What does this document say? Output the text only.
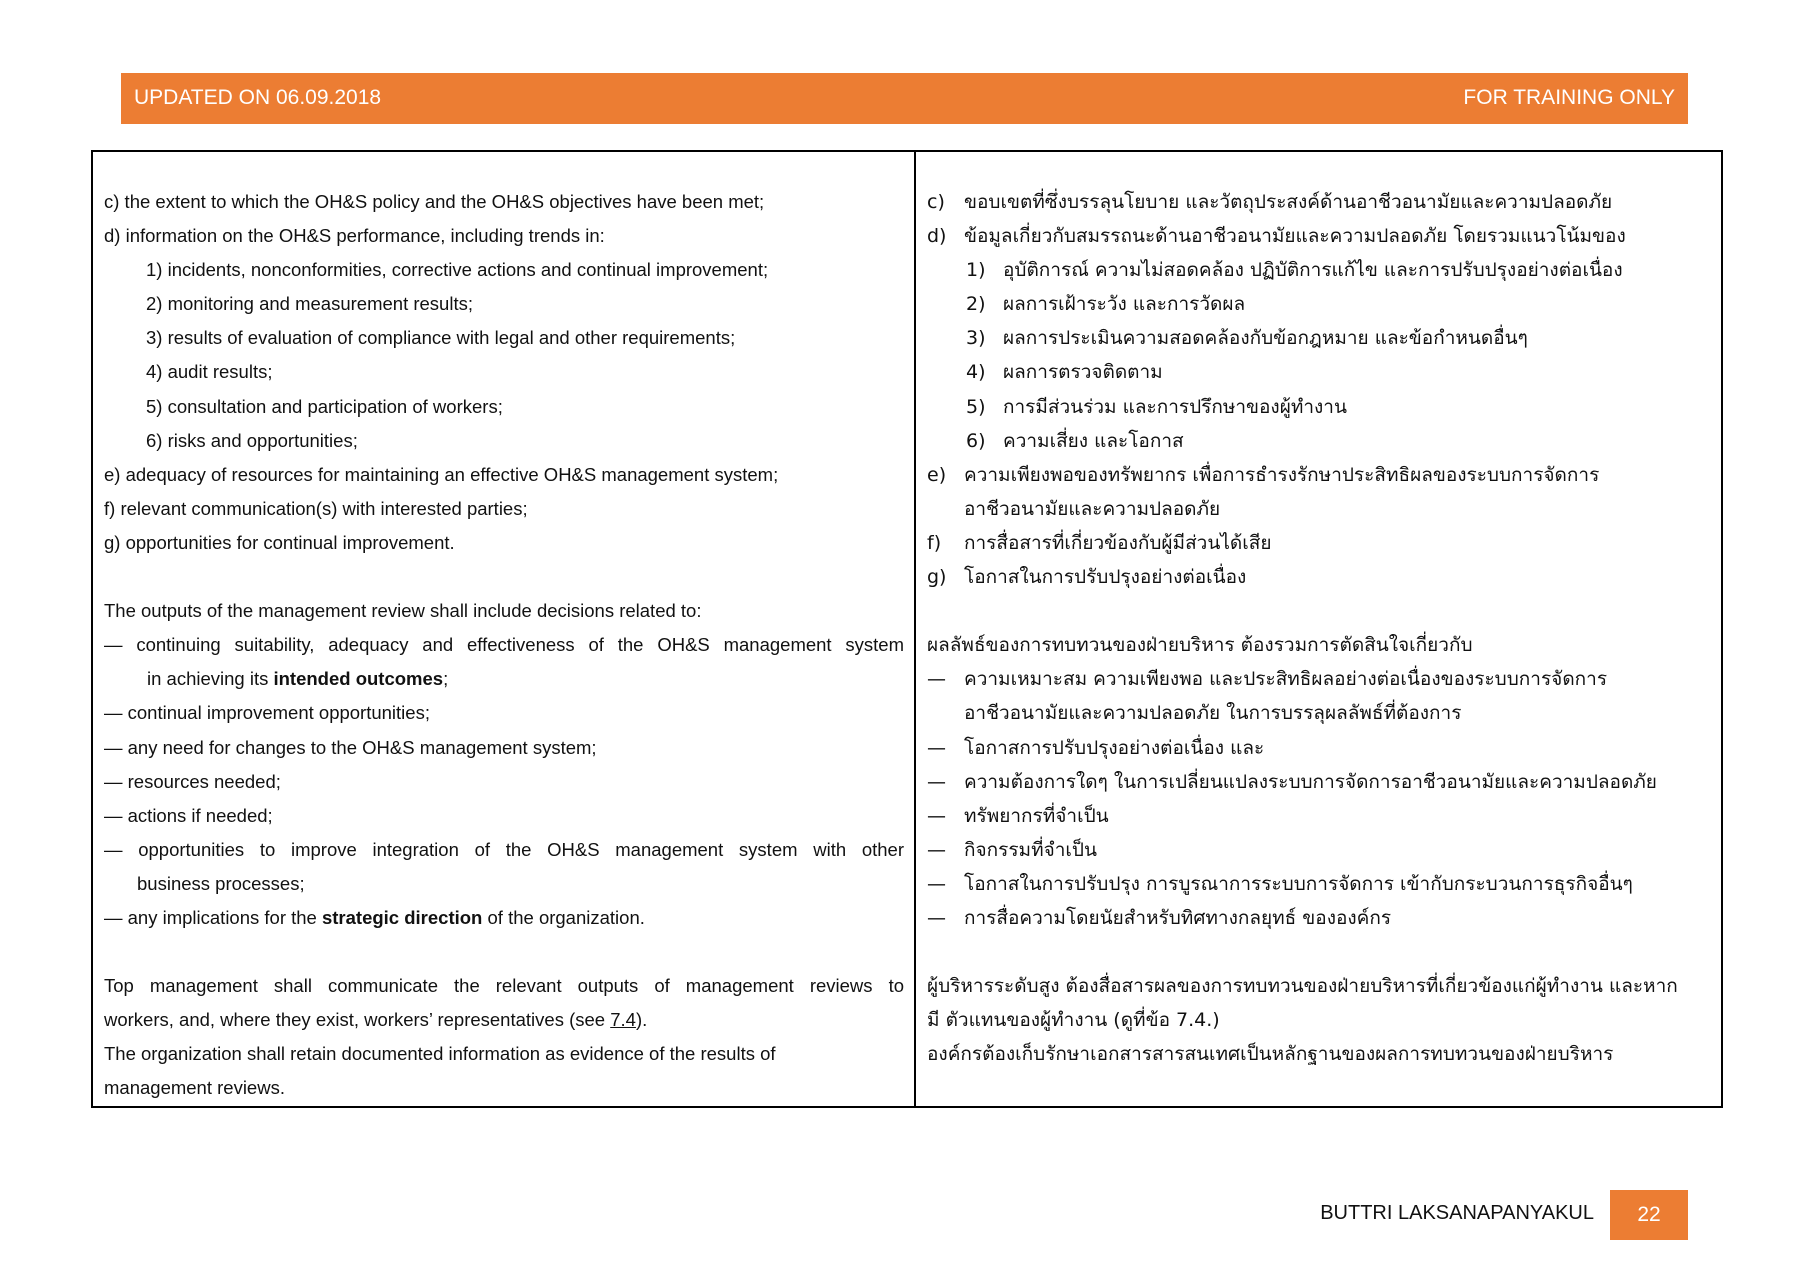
UPDATED ON 06.09.2018	FOR TRAINING ONLY
c) the extent to which the OH&S policy and the OH&S objectives have been met;
d) information on the OH&S performance, including trends in:
1) incidents, nonconformities, corrective actions and continual improvement;
2) monitoring and measurement results;
3) results of evaluation of compliance with legal and other requirements;
4) audit results;
5) consultation and participation of workers;
6) risks and opportunities;
e) adequacy of resources for maintaining an effective OH&S management system;
f) relevant communication(s) with interested parties;
g) opportunities for continual improvement.
The outputs of the management review shall include decisions related to:
— continuing suitability, adequacy and effectiveness of the OH&S management system
in achieving its intended outcomes;
— continual improvement opportunities;
— any need for changes to the OH&S management system;
— resources needed;
— actions if needed;
— opportunities to improve integration of the OH&S management system with other
business processes;
— any implications for the strategic direction of the organization.
Top management shall communicate the relevant outputs of management reviews to
workers, and, where they exist, workers’ representatives (see 7.4).
The organization shall retain documented information as evidence of the results of
management reviews.
c)	ขอบเขตที่ซึ่งบรรลุนโยบาย และวัตถุประสงค์ด้านอาชีวอนามัยและความปลอดภัย
d) ข้อมูลเกี่ยวกับสมรรถนะด้านอาชีวอนามัยและความปลอดภัย โดยรวมแนวโน้มของ
1) อุบัติการณ์ ความไม่สอดคล้อง ปฏิบัติการแก้ไข และการปรับปรุงอย่างต่อเนื่อง
2) ผลการเฝ้าระวัง และการวัดผล
3) ผลการประเมินความสอดคล้องกับข้อกฎหมาย และข้อกำหนดอื่นๆ
4) ผลการตรวจติดตาม
5) การมีส่วนร่วม และการปรึกษาของผู้ทำงาน
6) ความเสี่ยง และโอกาส
e) ความเพียงพอของทรัพยากร เพื่อการธำรงรักษาประสิทธิผลของระบบการจัดการ
อาชีวอนามัยและความปลอดภัย
f)	การสื่อสารที่เกี่ยวข้องกับผู้มีส่วนได้เสีย
g) โอกาสในการปรับปรุงอย่างต่อเนื่อง
ผลลัพธ์ของการทบทวนของฝ่ายบริหาร ต้องรวมการตัดสินใจเกี่ยวกับ
— ความเหมาะสม ความเพียงพอ และประสิทธิผลอย่างต่อเนื่องของระบบการจัดการ
อาชีวอนามัยและความปลอดภัย ในการบรรลุผลลัพธ์ที่ต้องการ
— โอกาสการปรับปรุงอย่างต่อเนื่อง และ
— ความต้องการใดๆ ในการเปลี่ยนแปลงระบบการจัดการอาชีวอนามัยและความปลอดภัย
— ทรัพยากรที่จำเป็น
— กิจกรรมที่จำเป็น
— โอกาสในการปรับปรุง การบูรณาการระบบการจัดการ เข้ากับกระบวนการธุรกิจอื่นๆ
— การสื่อความโดยนัยสำหรับทิศทางกลยุทธ์ ขององค์กร
ผู้บริหารระดับสูง ต้องสื่อสารผลของการทบทวนของฝ่ายบริหารที่เกี่ยวข้องแก่ผู้ทำงาน และหาก
มี ตัวแทนของผู้ทำงาน (ดูที่ข้อ 7.4.)
องค์กรต้องเก็บรักษาเอกสารสารสนเทศเป็นหลักฐานของผลการทบทวนของฝ่ายบริหาร
BUTTRI LAKSANAPANYAKUL	22
